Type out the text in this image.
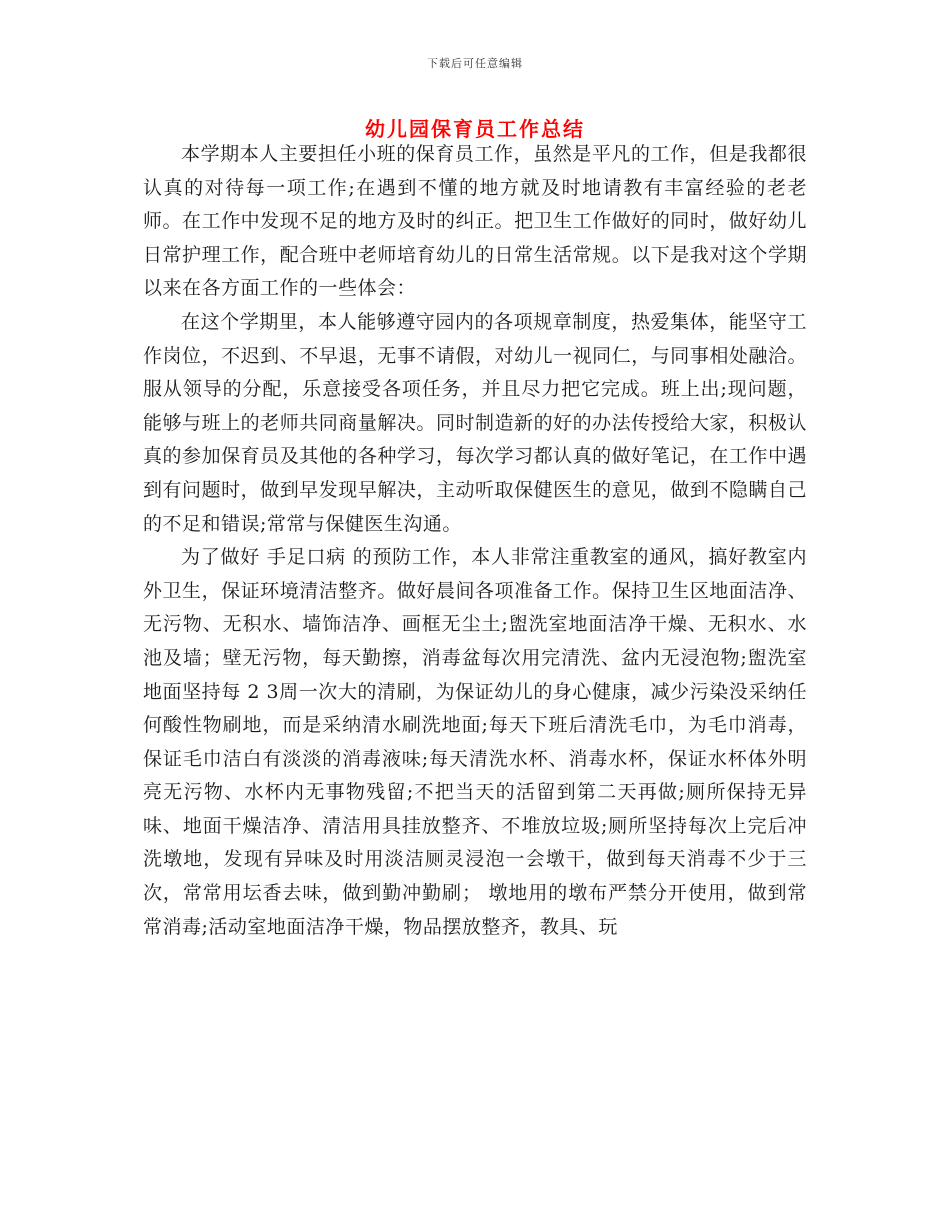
下载后可任意编辑
幼儿园保育员工作总结

本学期本人主要担任小班的保育员工作，虽然是平凡的工作，但是我都很认真的对待每一项工作;在遇到不懂的地方就及时地请教有丰富经验的老老师。在工作中发现不足的地方及时的纠正。把卫生工作做好的同时，做好幼儿日常护理工作，配合班中老师培育幼儿的日常生活常规。以下是我对这个学期以来在各方面工作的一些体会：

在这个学期里，本人能够遵守园内的各项规章制度，热爱集体，能坚守工作岗位，不迟到、不早退，无事不请假，对幼儿一视同仁，与同事相处融洽。服从领导的分配，乐意接受各项任务，并且尽力把它完成。班上出;现问题，能够与班上的老师共同商量解决。同时制造新的好的办法传授给大家，积极认真的参加保育员及其他的各种学习，每次学习都认真的做好笔记，在工作中遇到有问题时，做到早发现早解决，主动听取保健医生的意见，做到不隐瞒自己的不足和错误;常常与保健医生沟通。

为了做好 手足口病 的预防工作，本人非常注重教室的通风，搞好教室内外卫生，保证环境清洁整齐。做好晨间各项准备工作。保持卫生区地面洁净、无污物、无积水、墙饰洁净、画框无尘土;盥洗室地面洁净干燥、无积水、水池及墙；壁无污物，每天勤擦，消毒盆每次用完清洗、盆内无浸泡物;盥洗室地面坚持每 2 3周一次大的清刷，为保证幼儿的身心健康，减少污染没采纳任何酸性物刷地，而是采纳清水刷洗地面;每天下班后清洗毛巾，为毛巾消毒，保证毛巾洁白有淡淡的消毒液味;每天清洗水杯、消毒水杯，保证水杯体外明亮无污物、水杯内无事物残留;不把当天的活留到第二天再做;厕所保持无异味、地面干燥洁净、清洁用具挂放整齐、不堆放垃圾;厕所坚持每次上完后冲洗墩地，发现有异味及时用淡洁厕灵浸泡一会墩干，做到每天消毒不少于三次，常常用坛香去味，做到勤冲勤刷； 墩地用的墩布严禁分开使用，做到常常消毒;活动室地面洁净干燥，物品摆放整齐，教具、玩
